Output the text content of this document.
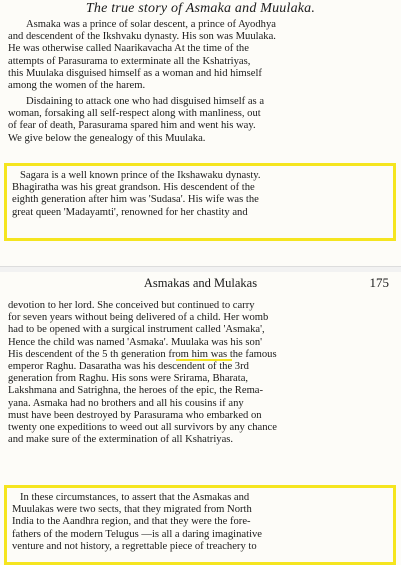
The true story of Asmaka and Muulaka.
Asmaka was a prince of solar descent, a prince of Ayodhya
and descendent of the Ikshvaku dynasty. His son was Muulaka.
He was otherwise called Naarikavacha At the time of the
attempts of Parasurama to exterminate all the Kshatriyas,
this Muulaka disguised himself as a woman and hid himself
among the women of the harem.
Disdaining to attack one who had disguised himself as a
woman, forsaking all self-respect along with manliness, out
of fear of death, Parasurama spared him and went his way.
We give below the genealogy of this Muulaka.
Sagara is a well known prince of the Ikshawaku dynasty.
Bhagiratha was his great grandson. His descendent of the
eighth generation after him was 'Sudasa'. His wife was the
great queen 'Madayamti', renowned for her chastity and
Asmakas and Mulakas	175
devotion to her lord. She conceived but continued to carry
for seven years without being delivered of a child. Her womb
had to be opened with a surgical instrument called 'Asmaka',
Hence the child was named 'Asmaka'. Muulaka was his son'
His descendent of the 5 th generation from him was the famous
emperor Raghu. Dasaratha was his descendent of the 3rd
generation from Raghu. His sons were Srirama, Bharata,
Lakshmana and Satrighna, the heroes of the epic, the Rema-
yana. Asmaka had no brothers and all his cousins if any
must have been destroyed by Parasurama who embarked on
twenty one expeditions to weed out all survivors by any chance
and make sure of the extermination of all Kshatriyas.
In these circumstances, to assert that the Asmakas and
Muulakas were two sects, that they migrated from North
India to the Aandhra region, and that they were the fore-
fathers of the modern Telugus —is all a daring imaginative
venture and not history, a regrettable piece of treachery to
